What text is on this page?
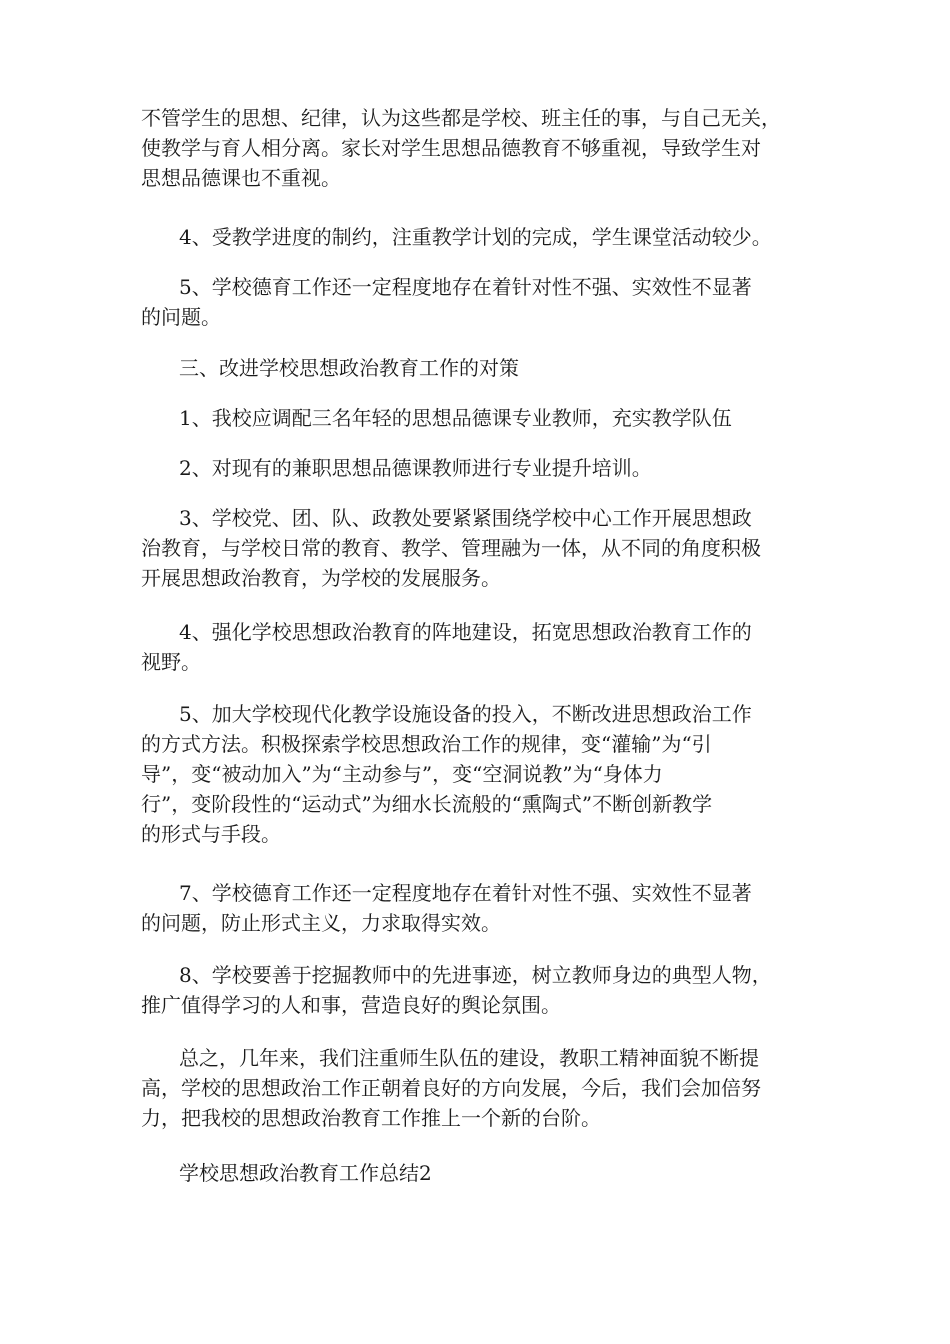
不管学生的思想、纪律，认为这些都是学校、班主任的事，与自己无关，
使教学与育人相分离。家长对学生思想品德教育不够重视，导致学生对
思想品德课也不重视。

4、受教学进度的制约，注重教学计划的完成，学生课堂活动较少。

5、学校德育工作还一定程度地存在着针对性不强、实效性不显著
的问题。

三、改进学校思想政治教育工作的对策

1、我校应调配三名年轻的思想品德课专业教师，充实教学队伍

2、对现有的兼职思想品德课教师进行专业提升培训。

3、学校党、团、队、政教处要紧紧围绕学校中心工作开展思想政
治教育，与学校日常的教育、教学、管理融为一体，从不同的角度积极
开展思想政治教育，为学校的发展服务。

4、强化学校思想政治教育的阵地建设，拓宽思想政治教育工作的
视野。

5、加大学校现代化教学设施设备的投入，不断改进思想政治工作
的方式方法。积极探索学校思想政治工作的规律，变“灌输”为“引
导”，变“被动加入”为“主动参与”，变“空洞说教”为“身体力
行”，变阶段性的“运动式”为细水长流般的“熏陶式”不断创新教学
的形式与手段。

7、学校德育工作还一定程度地存在着针对性不强、实效性不显著
的问题，防止形式主义，力求取得实效。

8、学校要善于挖掘教师中的先进事迹，树立教师身边的典型人物，
推广值得学习的人和事，营造良好的舆论氛围。

总之，几年来，我们注重师生队伍的建设，教职工精神面貌不断提
高，学校的思想政治工作正朝着良好的方向发展，今后，我们会加倍努
力，把我校的思想政治教育工作推上一个新的台阶。

学校思想政治教育工作总结2
